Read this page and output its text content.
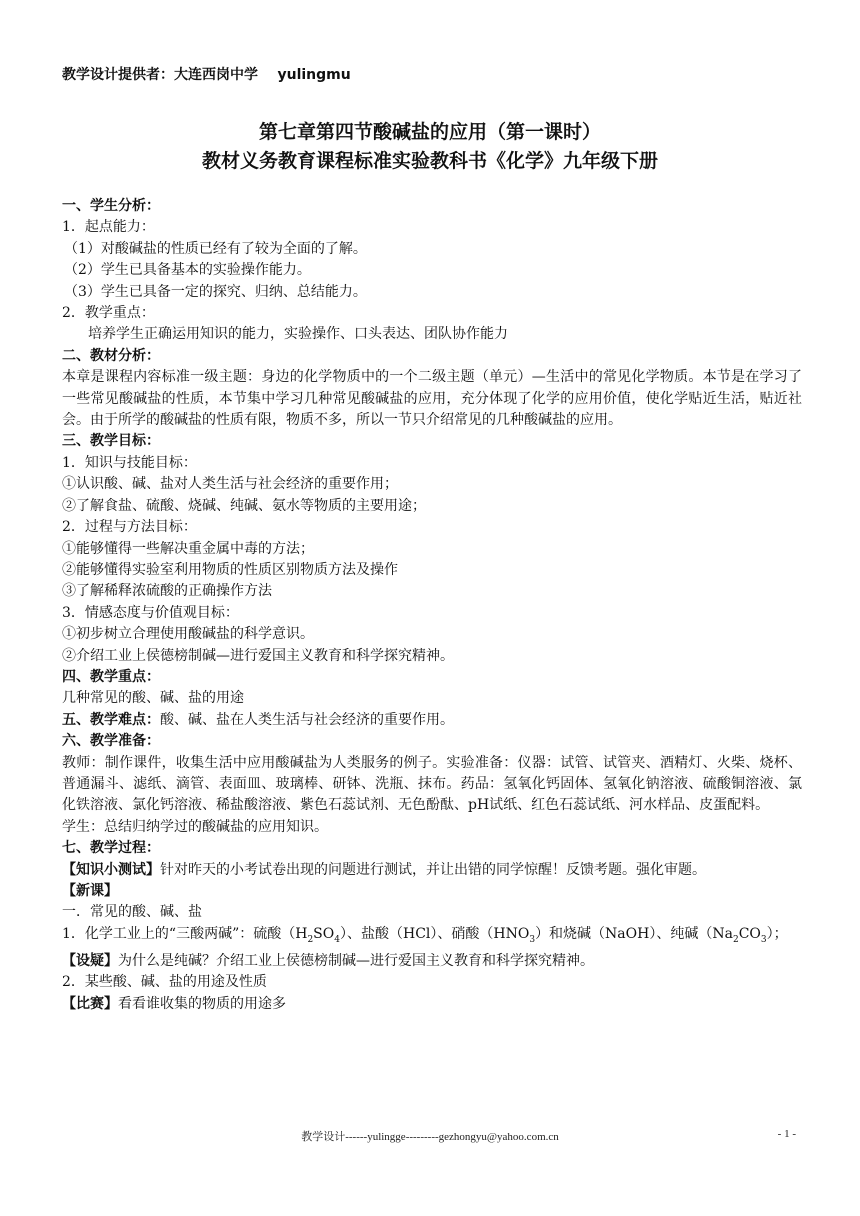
教学设计提供者：大连西岗中学    yulingmu
第七章第四节酸碱盐的应用（第一课时）
教材义务教育课程标准实验教科书《化学》九年级下册

一、学生分析：

1．起点能力：

（1）对酸碱盐的性质已经有了较为全面的了解。

（2）学生已具备基本的实验操作能力。

（3）学生已具备一定的探究、归纳、总结能力。

2．教学重点：

培养学生正确运用知识的能力，实验操作、口头表达、团队协作能力

二、教材分析：

本章是课程内容标准一级主题：身边的化学物质中的一个二级主题（单元）—生活中的常见化学物质。本节是在学习了一些常见酸碱盐的性质，本节集中学习几种常见酸碱盐的应用，充分体现了化学的应用价值，使化学贴近生活，贴近社会。由于所学的酸碱盐的性质有限，物质不多，所以一节只介绍常见的几种酸碱盐的应用。

三、教学目标：

1．知识与技能目标：

①认识酸、碱、盐对人类生活与社会经济的重要作用；

②了解食盐、硫酸、烧碱、纯碱、氨水等物质的主要用途；

2．过程与方法目标：

①能够懂得一些解决重金属中毒的方法；

②能够懂得实验室利用物质的性质区别物质方法及操作

③了解稀释浓硫酸的正确操作方法

3．情感态度与价值观目标：

①初步树立合理使用酸碱盐的科学意识。

②介绍工业上侯德榜制碱—进行爱国主义教育和科学探究精神。

四、教学重点：

几种常见的酸、碱、盐的用途

五、教学难点：酸、碱、盐在人类生活与社会经济的重要作用。

六、教学准备：

教师：制作课件，收集生活中应用酸碱盐为人类服务的例子。实验准备：仪器：试管、试管夹、酒精灯、火柴、烧杯、普通漏斗、滤纸、滴管、表面皿、玻璃棒、研钵、洗瓶、抹布。药品：氢氧化钙固体、氢氧化钠溶液、硫酸铜溶液、氯化铁溶液、氯化钙溶液、稀盐酸溶液、紫色石蕊试剂、无色酚酞、pH试纸、红色石蕊试纸、河水样品、皮蛋配料。

学生：总结归纳学过的酸碱盐的应用知识。

七、教学过程：

【知识小测试】针对昨天的小考试卷出现的问题进行测试，并让出错的同学惊醒！反馈考题。强化审题。

【新课】

一．常见的酸、碱、盐

1．化学工业上的“三酸两碱”：硫酸$(H_2SO_4)$、盐酸（HCl）、硝酸$(HNO_3)$和烧碱（NaOH）、纯碱$(Na_2CO_3)$；

【设疑】为什么是纯碱？介绍工业上侯德榜制碱—进行爱国主义教育和科学探究精神。

2．某些酸、碱、盐的用途及性质

【比赛】看看谁收集的物质的用途多

教学设计------yulingge---------gezhongyu@yahoo.com.cn	- 1 -
